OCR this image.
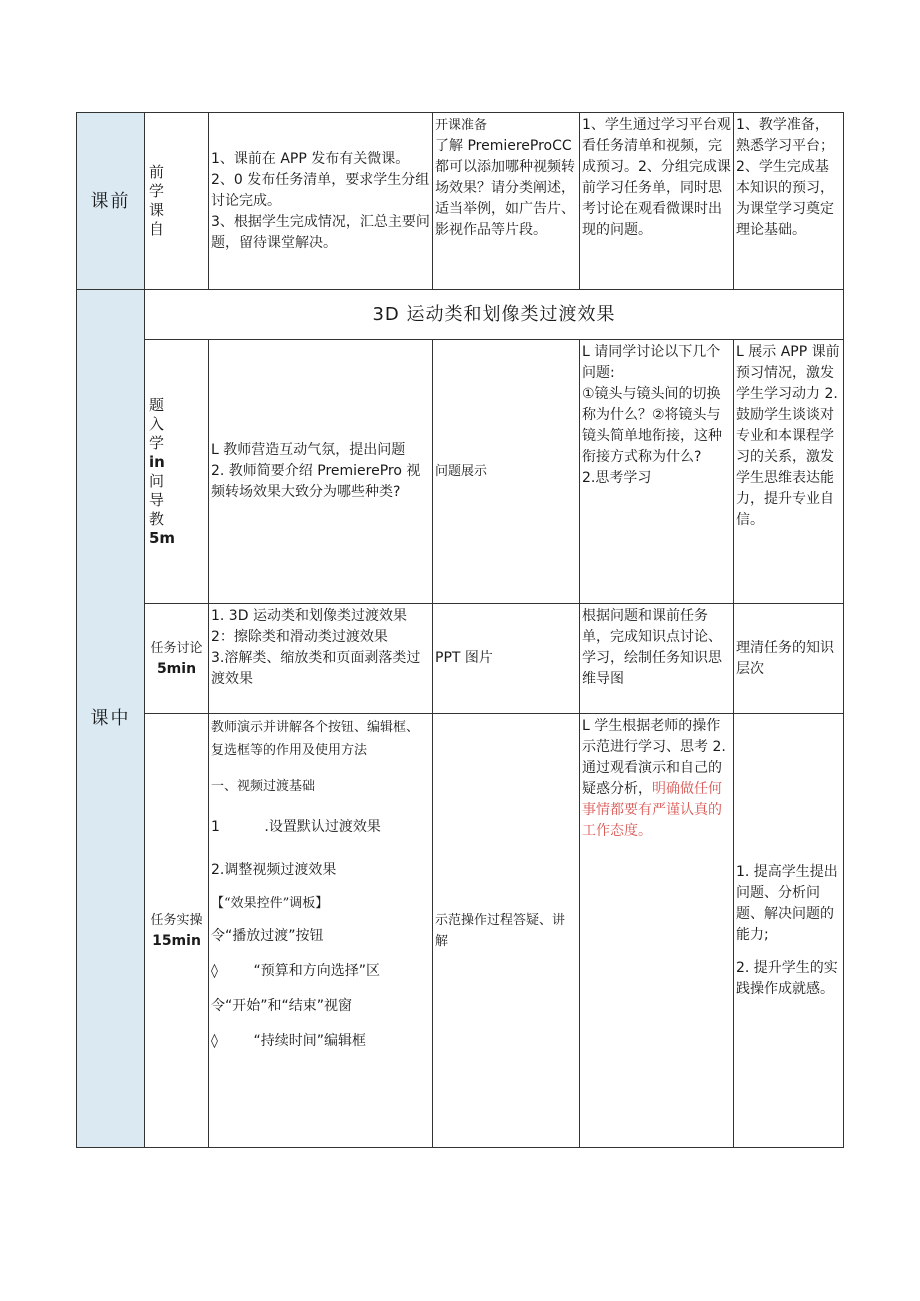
课前
课中
前
学
课
自

1、课前在 APP 发布有关微课。

2、0 发布任务清单，要求学生分组讨论完成。

3、根据学生完成情况，汇总主要问题，留待课堂解决。

开课准备

了解 PremiereProCC 都可以添加哪种视频转场效果？请分类阐述，适当举例，如广告片、影视作品等片段。

1、学生通过学习平台观看任务清单和视频，完成预习。2、分组完成课前学习任务单，同时思考讨论在观看微课时出现的问题。

1、教学准备，熟悉学习平台；2、学生完成基本知识的预习，为课堂学习奠定理论基础。

3D 运动类和划像类过渡效果
题
入
学
in
问
导
教
5m

L 教师营造互动气氛，提出问题

2. 教师简要介绍 PremierePro 视频转场效果大致分为哪些种类?

问题展示

L 请同学讨论以下几个问题:

①镜头与镜头间的切换称为什么？②将镜头与镜头简单地衔接，这种衔接方式称为什么?

2.思考学习

L 展示 APP 课前预习情况，激发学生学习动力 2. 鼓励学生谈谈对专业和本课程学习的关系，激发学生思维表达能力，提升专业自信。

任务讨论

5min

1. 3D 运动类和划像类过渡效果

2：擦除类和滑动类过渡效果

3.溶解类、缩放类和页面剥落类过渡效果

PPT 图片

根据问题和课前任务单，完成知识点讨论、学习，绘制任务知识思维导图

理清任务的知识层次

任务实操

15min

教师演示并讲解各个按钮、编辑框、复选框等的作用及使用方法

一、视频过渡基础

1          .设置默认过渡效果

2.调整视频过渡效果

【“效果控件”调板】

令“播放过渡”按钮

◊        “预算和方向选择”区

令“开始”和“结束”视窗

◊        “持续时间”编辑框

示范操作过程答疑、讲解

L 学生根据老师的操作示范进行学习、思考 2. 通过观看演示和自己的疑惑分析，明确做任何事情都要有严谨认真的工作态度。

1. 提高学生提出问题、分析问题、解决问题的能力;

2. 提升学生的实践操作成就感。
